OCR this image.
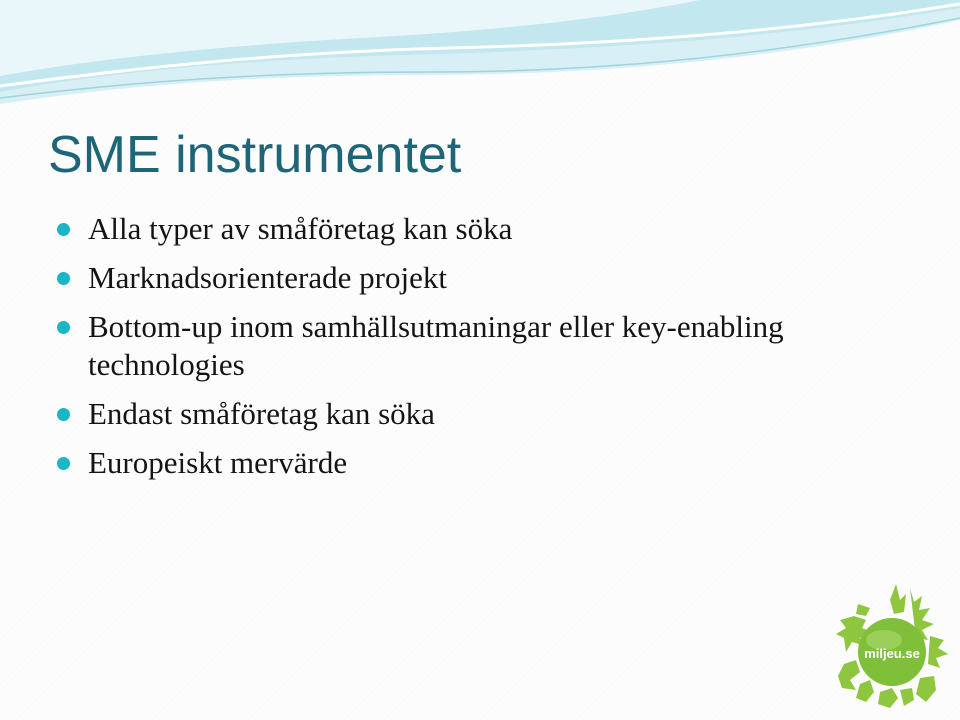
SME instrumentet
Alla typer av småföretag kan söka
Marknadsorienterade projekt
Bottom-up inom samhällsutmaningar eller key-enabling technologies
Endast småföretag kan söka
Europeiskt mervärde
miljeu.se
